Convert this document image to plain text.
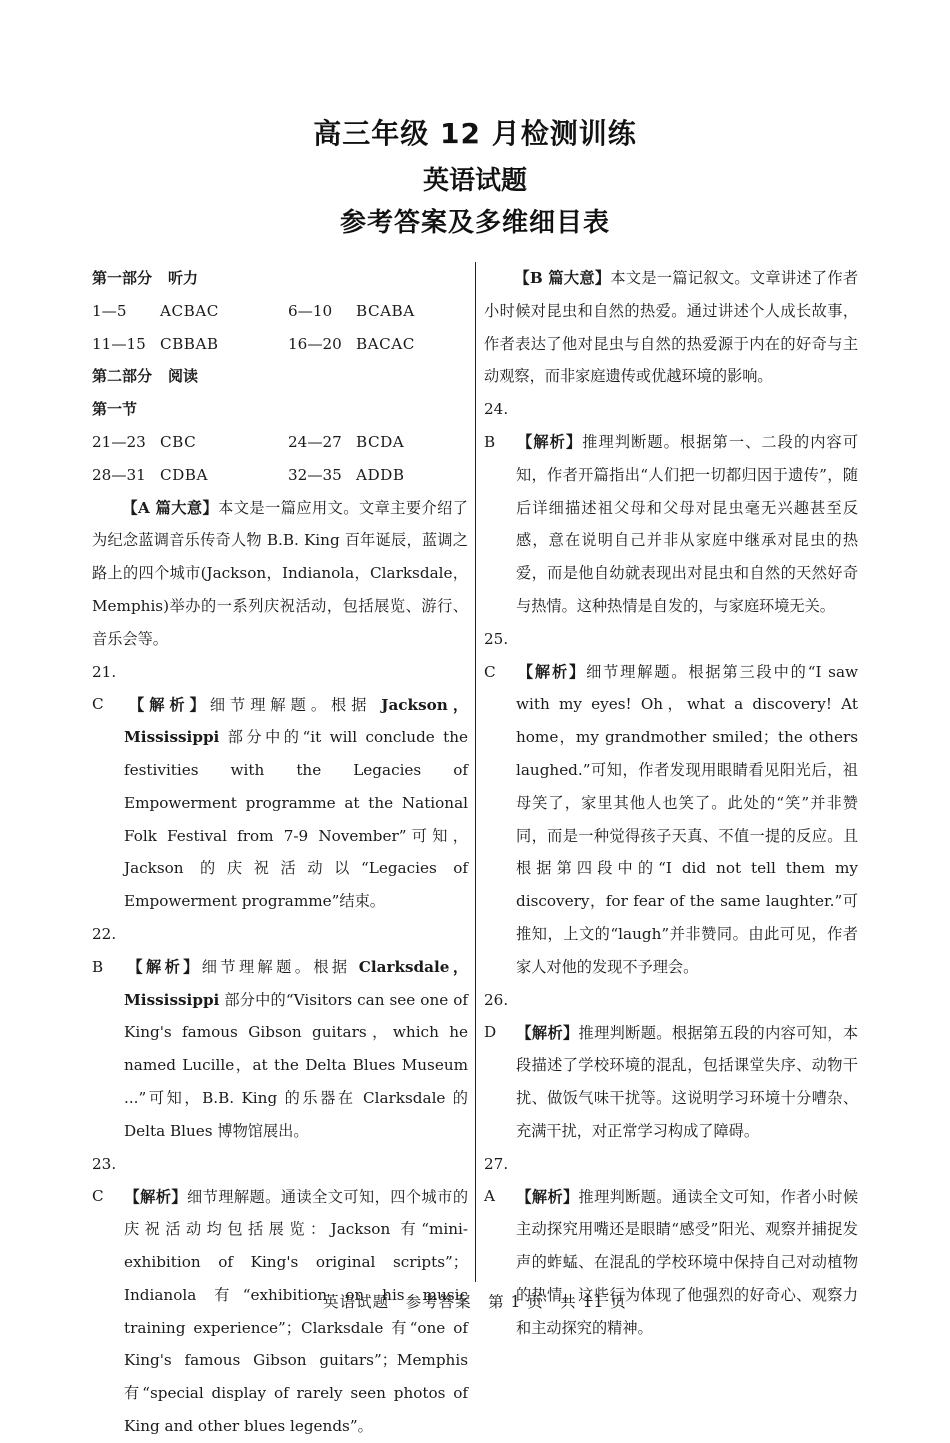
高三年级 12 月检测训练
英语试题
参考答案及多维细目表
第一部分 听力
1—5	ACBAC	6—10	BCABA
11—15 CBBAB	16—20 BACAC
第二部分 阅读
第一节
21—23 CBC	24—27 BCDA
28—31 CDBA	32—35 ADDB

【A 篇大意】本文是一篇应用文。文章主要介绍了为纪念蓝调音乐传奇人物 B.B. King 百年诞辰，蓝调之路上的四个城市(Jackson，Indianola，Clarksdale，Memphis)举办的一系列庆祝活动，包括展览、游行、音乐会等。

21. C 【解析】细节理解题。根据 Jackson，Mississippi 部分中的“it will conclude the festivities with the Legacies of Empowerment programme at the National Folk Festival from 7-9 November”可知，Jackson 的庆祝活动以“Legacies of Empowerment programme”结束。

22. B 【解析】细节理解题。根据 Clarksdale，Mississippi 部分中的“Visitors can see one of King's famous Gibson guitars，which he named Lucille，at the Delta Blues Museum ...”可知，B.B. King 的乐器在 Clarksdale 的 Delta Blues 博物馆展出。

23. C 【解析】细节理解题。通读全文可知，四个城市的庆祝活动均包括展览：Jackson 有“mini-exhibition of King's original scripts”；Indianola 有“exhibition on his music training experience”；Clarksdale 有“one of King's famous Gibson guitars”；Memphis 有“special display of rarely seen photos of King and other blues legends”。

【B 篇大意】本文是一篇记叙文。文章讲述了作者小时候对昆虫和自然的热爱。通过讲述个人成长故事，作者表达了他对昆虫与自然的热爱源于内在的好奇与主动观察，而非家庭遗传或优越环境的影响。

24. B 【解析】推理判断题。根据第一、二段的内容可知，作者开篇指出“人们把一切都归因于遗传”，随后详细描述祖父母和父母对昆虫毫无兴趣甚至反感，意在说明自己并非从家庭中继承对昆虫的热爱，而是他自幼就表现出对昆虫和自然的天然好奇与热情。这种热情是自发的，与家庭环境无关。

25. C 【解析】细节理解题。根据第三段中的“I saw with my eyes! Oh，what a discovery! At home，my grandmother smiled；the others laughed.”可知，作者发现用眼睛看见阳光后，祖母笑了，家里其他人也笑了。此处的“笑”并非赞同，而是一种觉得孩子天真、不值一提的反应。且根据第四段中的“I did not tell them my discovery，for fear of the same laughter.”可推知，上文的“laugh”并非赞同。由此可见，作者家人对他的发现不予理会。

26. D 【解析】推理判断题。根据第五段的内容可知，本段描述了学校环境的混乱，包括课堂失序、动物干扰、做饭气味干扰等。这说明学习环境十分嘈杂、充满干扰，对正常学习构成了障碍。

27. A 【解析】推理判断题。通读全文可知，作者小时候主动探究用嘴还是眼睛“感受”阳光、观察并捕捉发声的蚱蜢、在混乱的学校环境中保持自己对动植物的热情。这些行为体现了他强烈的好奇心、观察力和主动探究的精神。

英语试题　参考答案　第 1 页　共 11 页
